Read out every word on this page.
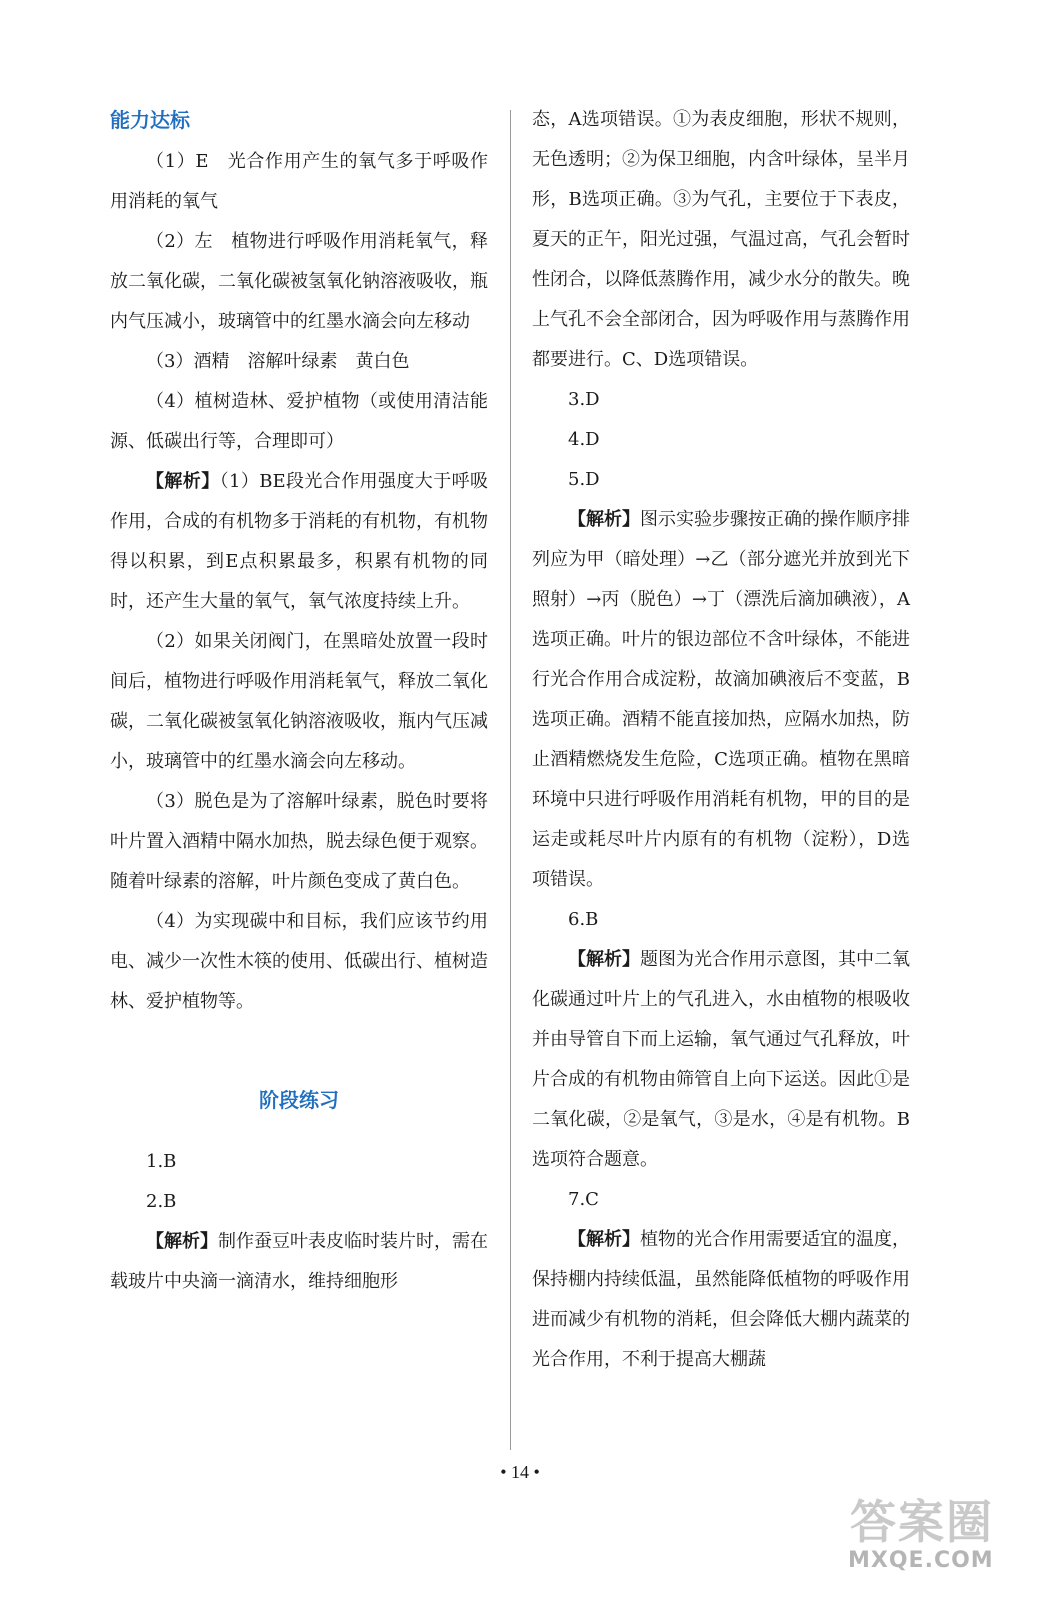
能力达标

（1）E　光合作用产生的氧气多于呼吸作用消耗的氧气

（2）左　植物进行呼吸作用消耗氧气，释放二氧化碳，二氧化碳被氢氧化钠溶液吸收，瓶内气压减小，玻璃管中的红墨水滴会向左移动

（3）酒精　溶解叶绿素　黄白色

（4）植树造林、爱护植物（或使用清洁能源、低碳出行等，合理即可）

【解析】（1）BE段光合作用强度大于呼吸作用，合成的有机物多于消耗的有机物，有机物得以积累，到E点积累最多，积累有机物的同时，还产生大量的氧气，氧气浓度持续上升。

（2）如果关闭阀门，在黑暗处放置一段时间后，植物进行呼吸作用消耗氧气，释放二氧化碳，二氧化碳被氢氧化钠溶液吸收，瓶内气压减小，玻璃管中的红墨水滴会向左移动。

（3）脱色是为了溶解叶绿素，脱色时要将叶片置入酒精中隔水加热，脱去绿色便于观察。随着叶绿素的溶解，叶片颜色变成了黄白色。

（4）为实现碳中和目标，我们应该节约用电、减少一次性木筷的使用、低碳出行、植树造林、爱护植物等。

阶段练习

1.B

2.B

【解析】制作蚕豆叶表皮临时装片时，需在载玻片中央滴一滴清水，维持细胞形

态，A选项错误。①为表皮细胞，形状不规则，无色透明；②为保卫细胞，内含叶绿体，呈半月形，B选项正确。③为气孔，主要位于下表皮，夏天的正午，阳光过强，气温过高，气孔会暂时性闭合，以降低蒸腾作用，减少水分的散失。晚上气孔不会全部闭合，因为呼吸作用与蒸腾作用都要进行。C、D选项错误。

3.D

4.D

5.D

【解析】图示实验步骤按正确的操作顺序排列应为甲（暗处理）→乙（部分遮光并放到光下照射）→丙（脱色）→丁（漂洗后滴加碘液），A选项正确。叶片的银边部位不含叶绿体，不能进行光合作用合成淀粉，故滴加碘液后不变蓝，B选项正确。酒精不能直接加热，应隔水加热，防止酒精燃烧发生危险，C选项正确。植物在黑暗环境中只进行呼吸作用消耗有机物，甲的目的是运走或耗尽叶片内原有的有机物（淀粉），D选项错误。

6.B

【解析】题图为光合作用示意图，其中二氧化碳通过叶片上的气孔进入，水由植物的根吸收并由导管自下而上运输，氧气通过气孔释放，叶片合成的有机物由筛管自上向下运送。因此①是二氧化碳，②是氧气，③是水，④是有机物。B选项符合题意。

7.C

【解析】植物的光合作用需要适宜的温度，保持棚内持续低温，虽然能降低植物的呼吸作用进而减少有机物的消耗，但会降低大棚内蔬菜的光合作用，不利于提高大棚蔬

• 14 •
答案圈
MXQE.COM
